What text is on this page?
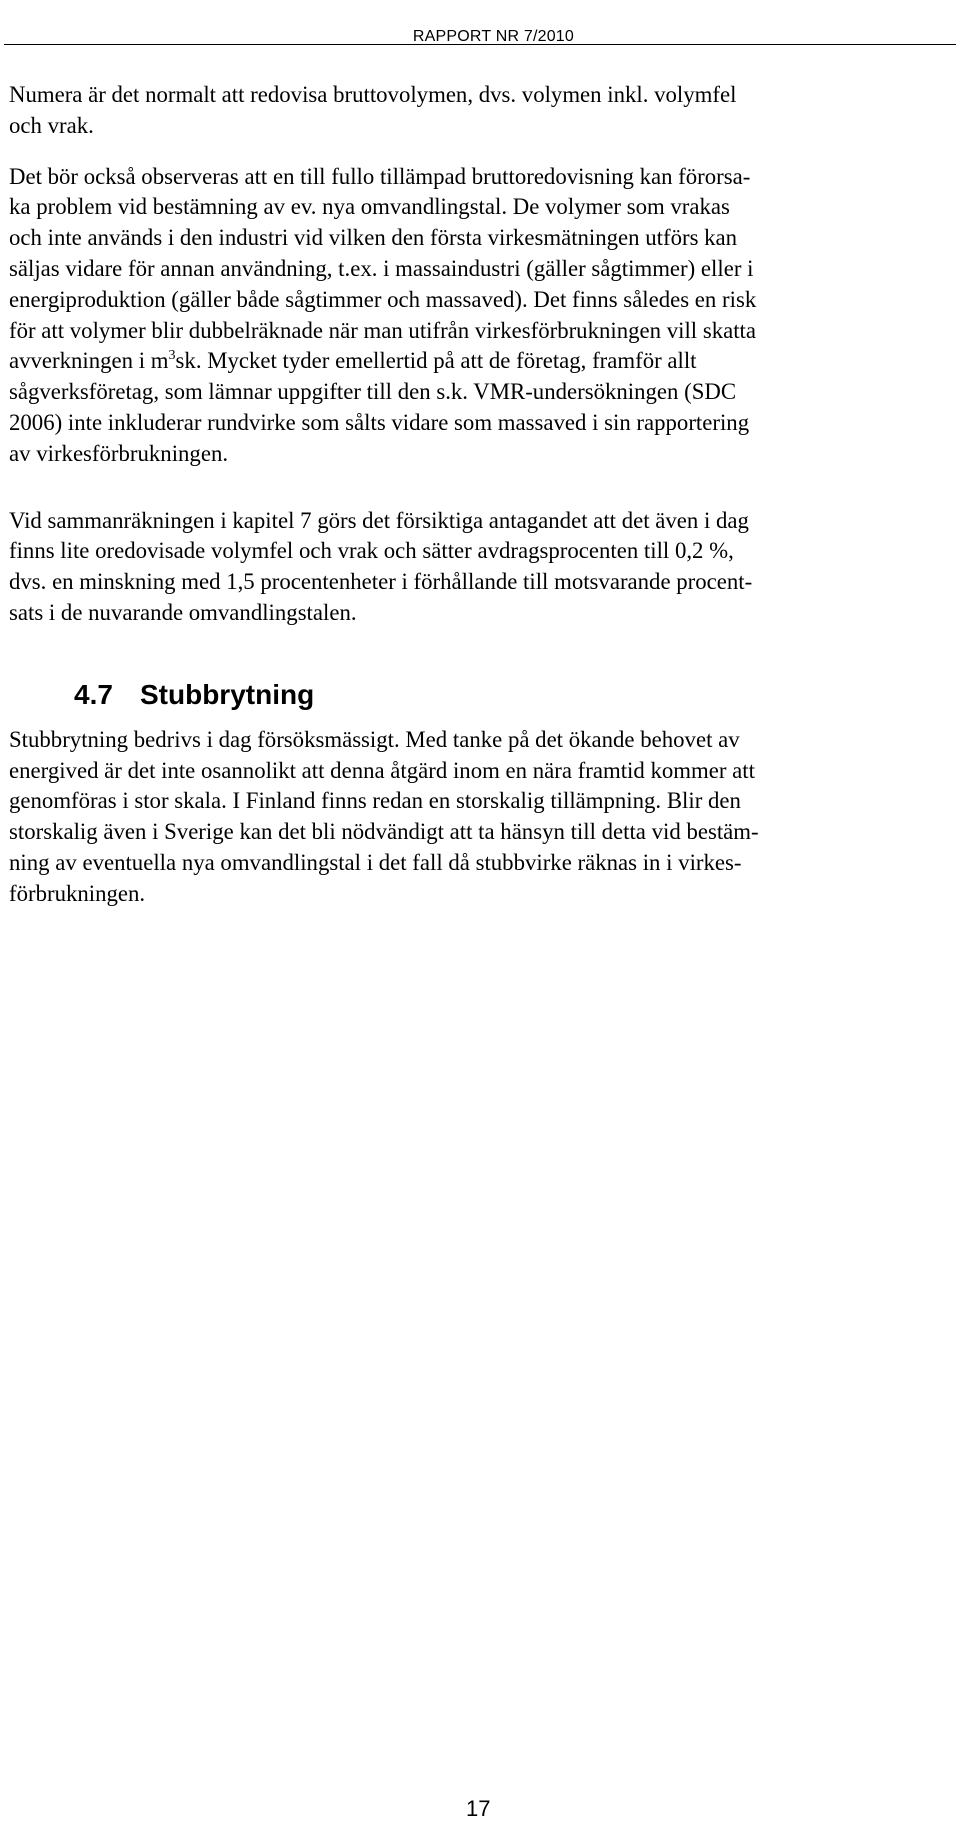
RAPPORT NR 7/2010

Numera är det normalt att redovisa bruttovolymen, dvs. volymen inkl. volymfel
och vrak.

Det bör också observeras att en till fullo tillämpad bruttoredovisning kan förorsa-
ka problem vid bestämning av ev. nya omvandlingstal. De volymer som vrakas
och inte används i den industri vid vilken den första virkesmätningen utförs kan
säljas vidare för annan användning, t.ex. i massaindustri (gäller sågtimmer) eller i
energiproduktion (gäller både sågtimmer och massaved). Det finns således en risk
för att volymer blir dubbelräknade när man utifrån virkesförbrukningen vill skatta
avverkningen i $m^3sk$. Mycket tyder emellertid på att de företag, framför allt
sågverksföretag, som lämnar uppgifter till den s.k. VMR-undersökningen (SDC
2006) inte inkluderar rundvirke som sålts vidare som massaved i sin rapportering
av virkesförbrukningen.

Vid sammanräkningen i kapitel 7 görs det försiktiga antagandet att det även i dag
finns lite oredovisade volymfel och vrak och sätter avdragsprocenten till 0,2 %,
dvs. en minskning med 1,5 procentenheter i förhållande till motsvarande procent-
sats i de nuvarande omvandlingstalen.

4.7 Stubbrytning

Stubbrytning bedrivs i dag försöksmässigt. Med tanke på det ökande behovet av
energived är det inte osannolikt att denna åtgärd inom en nära framtid kommer att
genomföras i stor skala. I Finland finns redan en storskalig tillämpning. Blir den
storskalig även i Sverige kan det bli nödvändigt att ta hänsyn till detta vid bestäm-
ning av eventuella nya omvandlingstal i det fall då stubbvirke räknas in i virkes-
förbrukningen.

17
